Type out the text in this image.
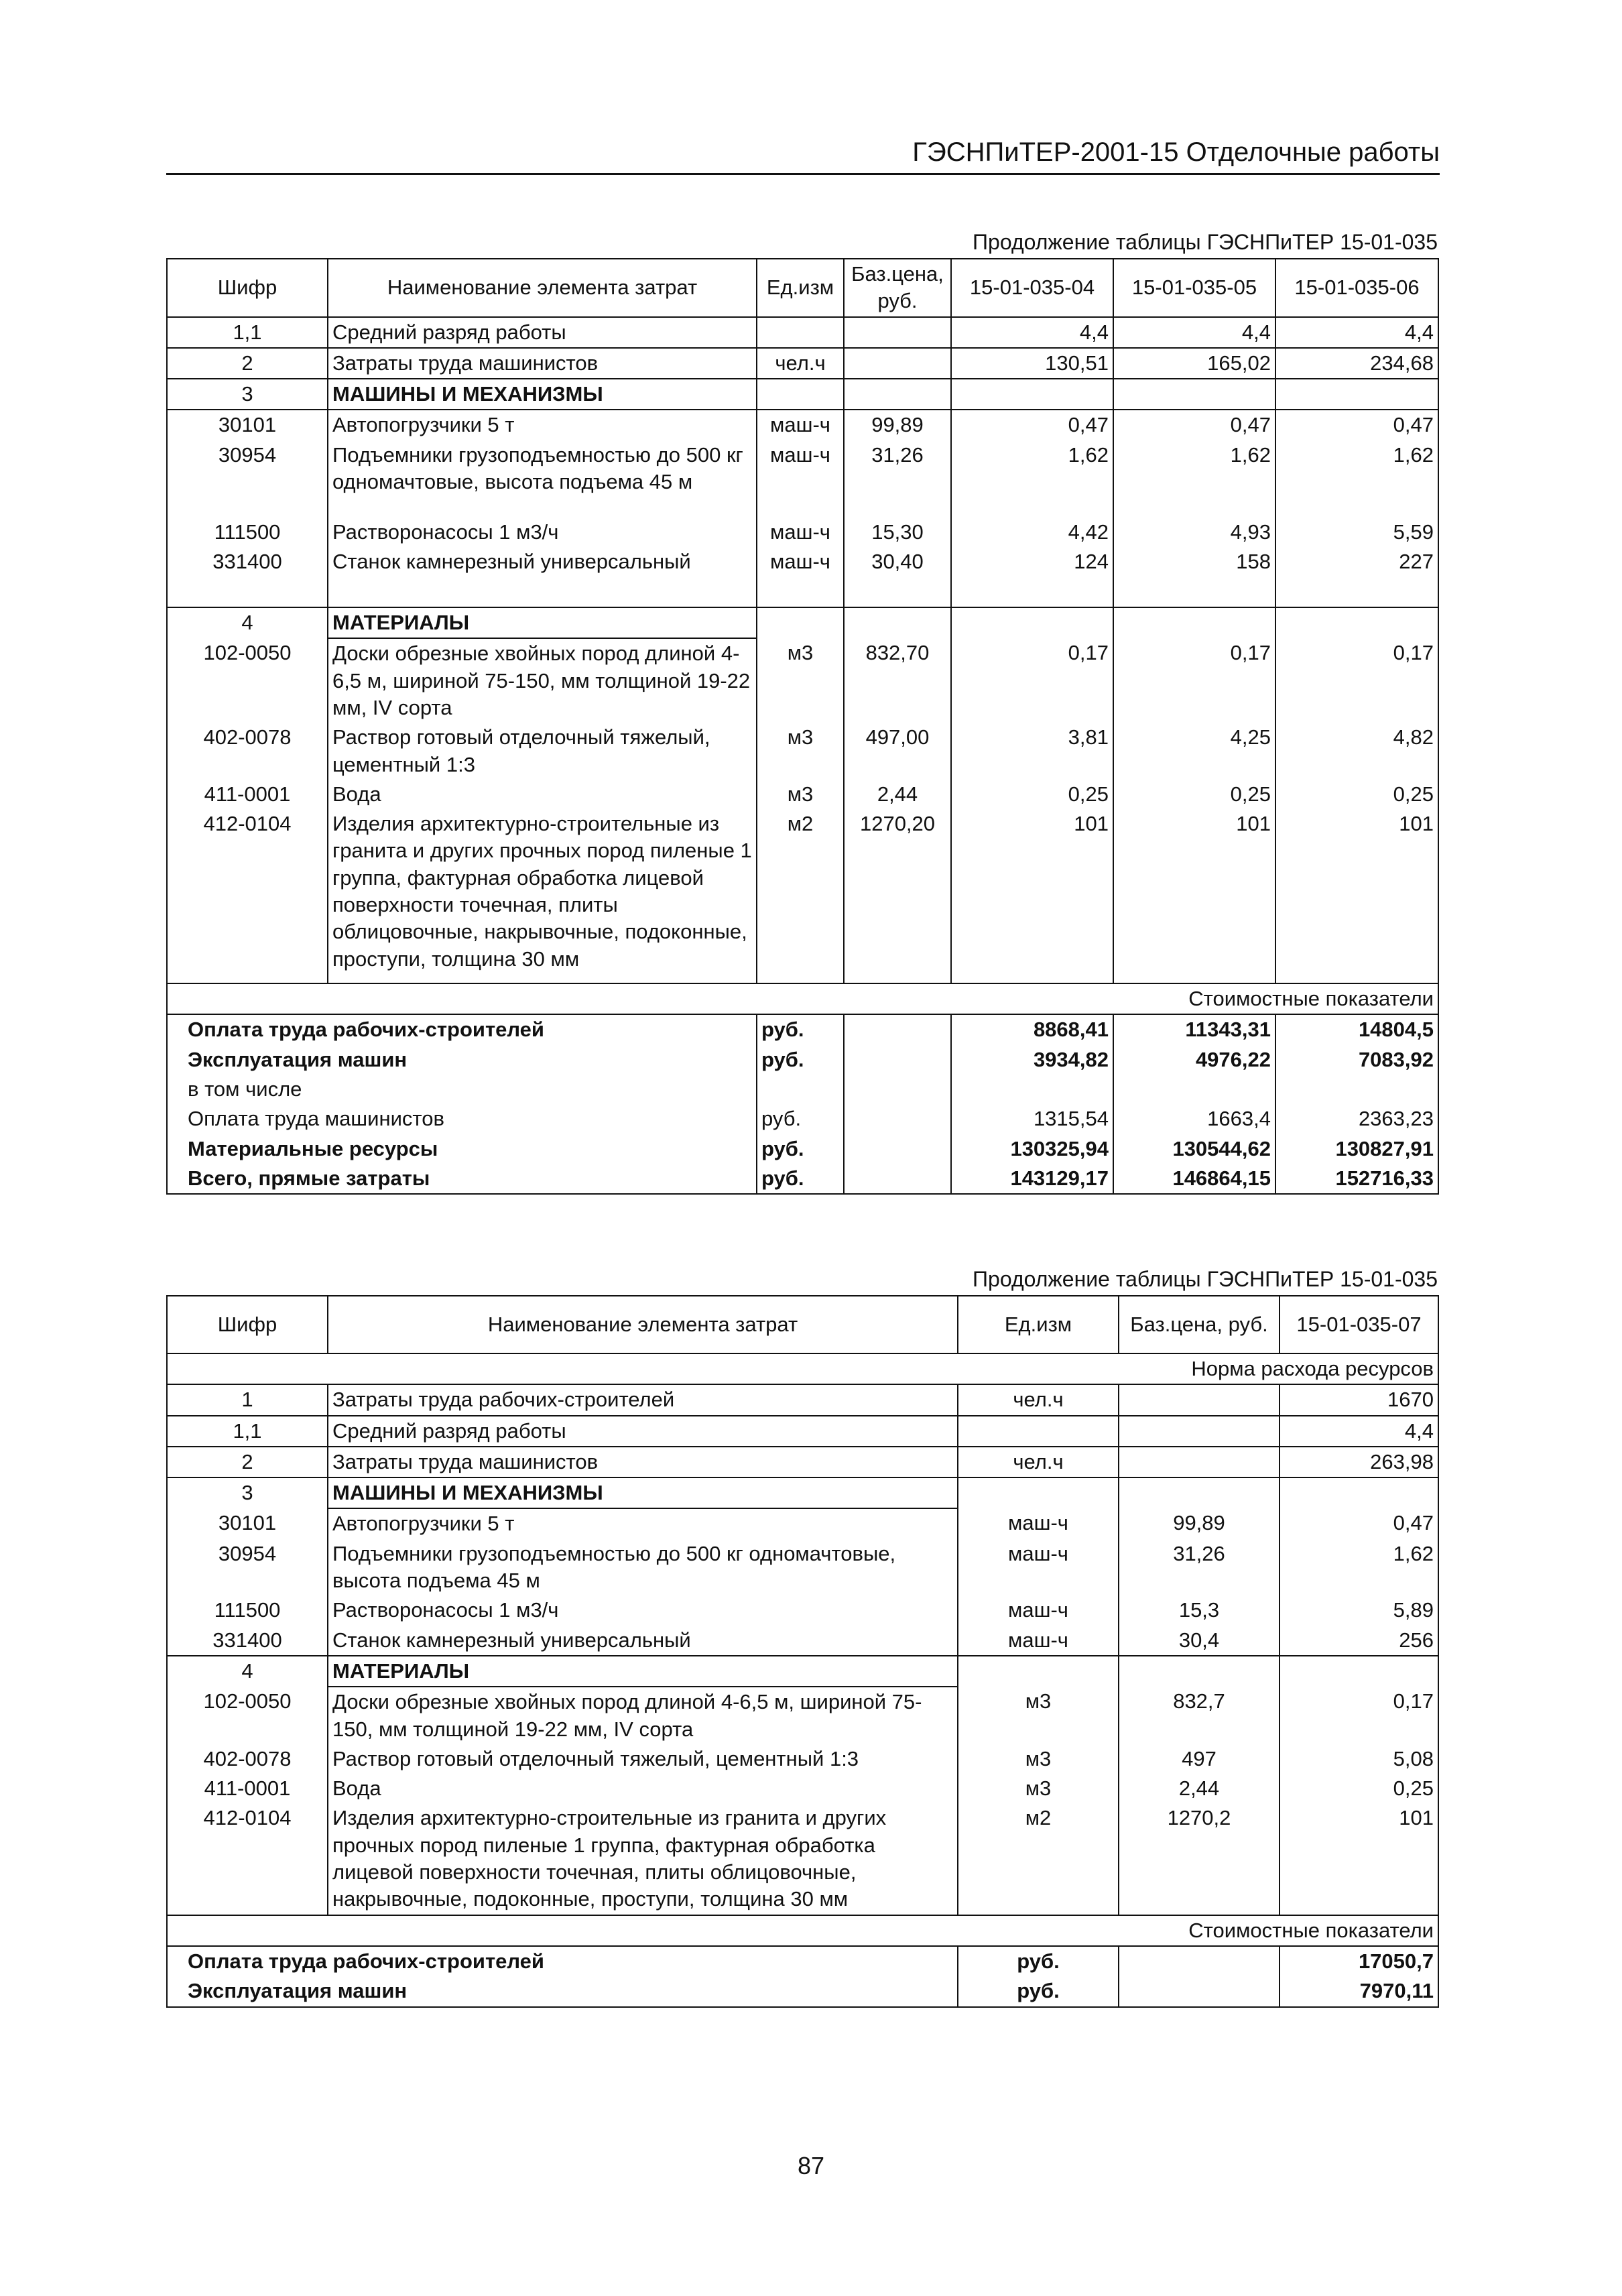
ГЭСНПиТЕР-2001-15 Отделочные работы
Продолжение таблицы ГЭСНПиТЕР 15-01-035
Шифр	Наименование элемента затрат	Ед.изм	Баз.цена, руб.	15-01-035-04	15-01-035-05	15-01-035-06
1,1	Средний разряд работы			4,4	4,4	4,4
2	Затраты труда машинистов	чел.ч		130,51	165,02	234,68
3	МАШИНЫ И МЕХАНИЗМЫ					
30101	Автопогрузчики 5 т	маш-ч	99,89	0,47	0,47	0,47
30954	Подъемники грузоподъемностью до 500 кг одномачтовые, высота подъема 45 м	маш-ч	31,26	1,62	1,62	1,62
111500	Растворонасосы 1 м3/ч	маш-ч	15,30	4,42	4,93	5,59
331400	Станок камнерезный универсальный	маш-ч	30,40	124	158	227
4	МАТЕРИАЛЫ					
102-0050	Доски обрезные хвойных пород длиной 4-6,5 м, шириной 75-150, мм толщиной 19-22 мм, IV сорта	м3	832,70	0,17	0,17	0,17
402-0078	Раствор готовый отделочный тяжелый, цементный 1:3	м3	497,00	3,81	4,25	4,82
411-0001	Вода	м3	2,44	0,25	0,25	0,25
412-0104	Изделия архитектурно-строительные из гранита и других прочных пород пиленые 1 группа, фактурная обработка лицевой поверхности точечная, плиты облицовочные, накрывочные, подоконные, проступи, толщина 30 мм	м2	1270,20	101	101	101
Стоимостные показатели						
Оплата труда рабочих-строителей		руб.		8868,41	11343,31	14804,5
Эксплуатация машин		руб.		3934,82	4976,22	7083,92
в том числе						
Оплата труда машинистов		руб.		1315,54	1663,4	2363,23
Материальные ресурсы		руб.		130325,94	130544,62	130827,91
Всего, прямые затраты		руб.		143129,17	146864,15	152716,33
Продолжение таблицы ГЭСНПиТЕР 15-01-035
Шифр	Наименование элемента затрат	Ед.изм	Баз.цена, руб.	15-01-035-07
Норма расхода ресурсов				
1	Затраты труда рабочих-строителей	чел.ч		1670
1,1	Средний разряд работы			4,4
2	Затраты труда машинистов	чел.ч		263,98
3	МАШИНЫ И МЕХАНИЗМЫ			
30101	Автопогрузчики 5 т	маш-ч	99,89	0,47
30954	Подъемники грузоподъемностью до 500 кг одномачтовые, высота подъема 45 м	маш-ч	31,26	1,62
111500	Растворонасосы 1 м3/ч	маш-ч	15,3	5,89
331400	Станок камнерезный универсальный	маш-ч	30,4	256
4	МАТЕРИАЛЫ			
102-0050	Доски обрезные хвойных пород длиной 4-6,5 м, шириной 75-150, мм толщиной 19-22 мм, IV сорта	м3	832,7	0,17
402-0078	Раствор готовый отделочный тяжелый, цементный 1:3	м3	497	5,08
411-0001	Вода	м3	2,44	0,25
412-0104	Изделия архитектурно-строительные из гранита и других прочных пород пиленые 1 группа, фактурная обработка лицевой поверхности точечная, плиты облицовочные, накрывочные, подоконные, проступи, толщина 30 мм	м2	1270,2	101
Стоимостные показатели				
Оплата труда рабочих-строителей		руб.		17050,7
Эксплуатация машин		руб.		7970,11
87
